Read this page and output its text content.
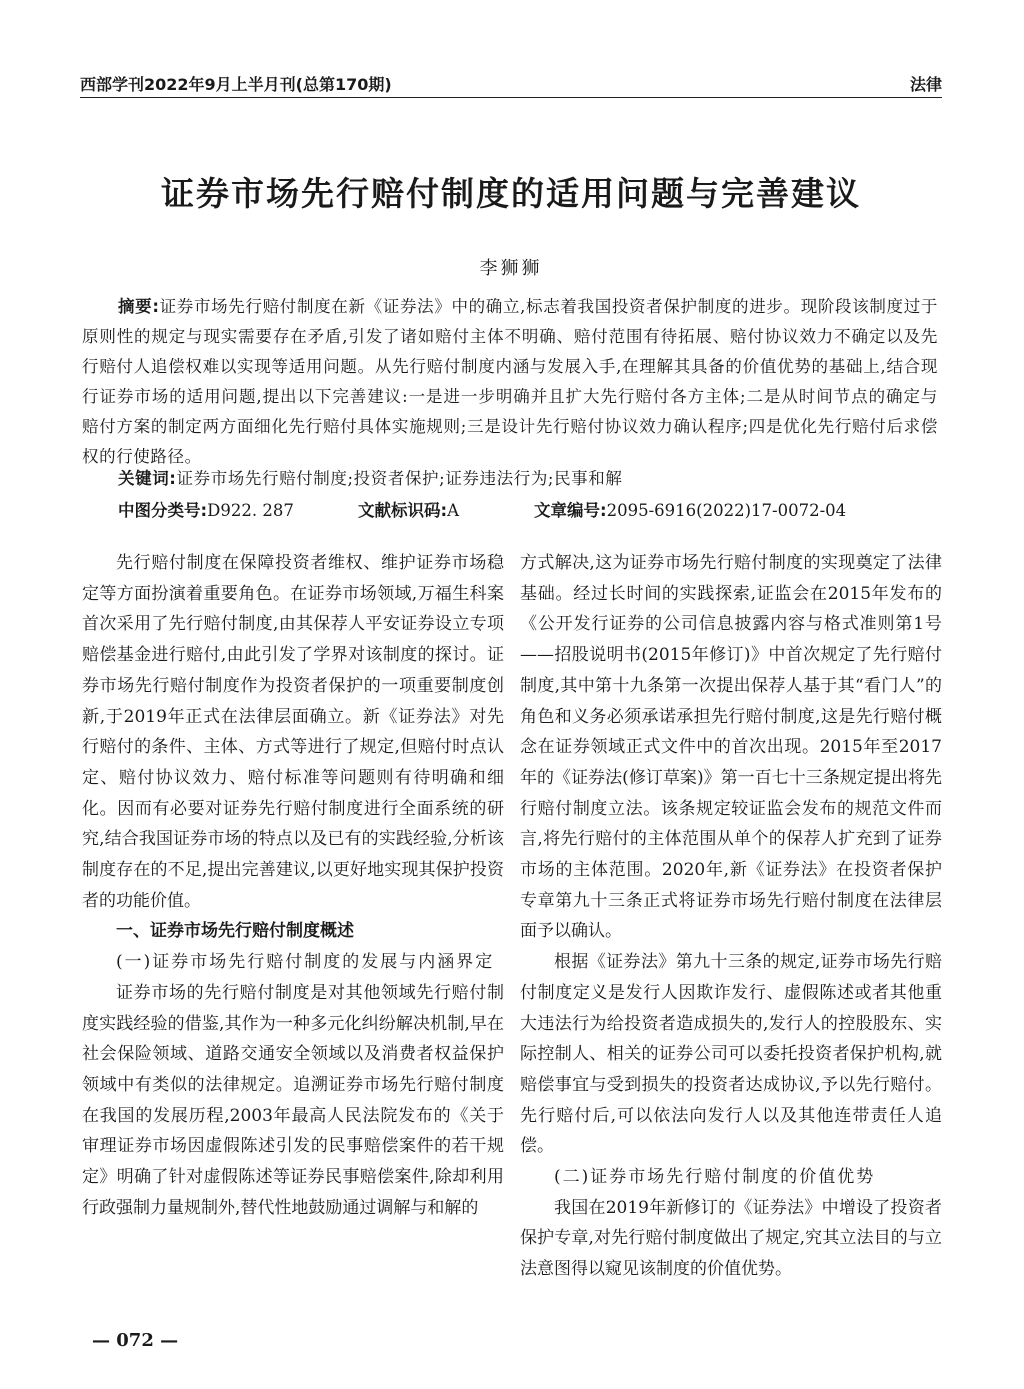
西部学刊2022年9月上半月刊(总第170期)	法律
证券市场先行赔付制度的适用问题与完善建议
李狮狮
摘要:证券市场先行赔付制度在新《证券法》中的确立,标志着我国投资者保护制度的进步。现阶段该制度过于原则性的规定与现实需要存在矛盾,引发了诸如赔付主体不明确、赔付范围有待拓展、赔付协议效力不确定以及先行赔付人追偿权难以实现等适用问题。从先行赔付制度内涵与发展入手,在理解其具备的价值优势的基础上,结合现行证券市场的适用问题,提出以下完善建议:一是进一步明确并且扩大先行赔付各方主体;二是从时间节点的确定与赔付方案的制定两方面细化先行赔付具体实施规则;三是设计先行赔付协议效力确认程序;四是优化先行赔付后求偿权的行使路径。
关键词:证券市场先行赔付制度;投资者保护;证券违法行为;民事和解
中图分类号:D922. 287	文献标识码:A	文章编号:2095-6916(2022)17-0072-04

先行赔付制度在保障投资者维权、维护证券市场稳定等方面扮演着重要角色。在证券市场领域,万福生科案首次采用了先行赔付制度,由其保荐人平安证券设立专项赔偿基金进行赔付,由此引发了学界对该制度的探讨。证券市场先行赔付制度作为投资者保护的一项重要制度创新,于2019年正式在法律层面确立。新《证券法》对先行赔付的条件、主体、方式等进行了规定,但赔付时点认定、赔付协议效力、赔付标准等问题则有待明确和细化。因而有必要对证券先行赔付制度进行全面系统的研究,结合我国证券市场的特点以及已有的实践经验,分析该制度存在的不足,提出完善建议,以更好地实现其保护投资者的功能价值。

一、证券市场先行赔付制度概述

(一)证券市场先行赔付制度的发展与内涵界定

证券市场的先行赔付制度是对其他领域先行赔付制度实践经验的借鉴,其作为一种多元化纠纷解决机制,早在社会保险领域、道路交通安全领域以及消费者权益保护领域中有类似的法律规定。追溯证券市场先行赔付制度在我国的发展历程,2003年最高人民法院发布的《关于审理证券市场因虚假陈述引发的民事赔偿案件的若干规定》明确了针对虚假陈述等证券民事赔偿案件,除却利用行政强制力量规制外,替代性地鼓励通过调解与和解的

方式解决,这为证券市场先行赔付制度的实现奠定了法律基础。经过长时间的实践探索,证监会在2015年发布的《公开发行证券的公司信息披露内容与格式准则第1号——招股说明书(2015年修订)》中首次规定了先行赔付制度,其中第十九条第一次提出保荐人基于其“看门人”的角色和义务必须承诺承担先行赔付制度,这是先行赔付概念在证券领域正式文件中的首次出现。2015年至2017年的《证券法(修订草案)》第一百七十三条规定提出将先行赔付制度立法。该条规定较证监会发布的规范文件而言,将先行赔付的主体范围从单个的保荐人扩充到了证券市场的主体范围。2020年,新《证券法》在投资者保护专章第九十三条正式将证券市场先行赔付制度在法律层面予以确认。

根据《证券法》第九十三条的规定,证券市场先行赔付制度定义是发行人因欺诈发行、虚假陈述或者其他重大违法行为给投资者造成损失的,发行人的控股股东、实际控制人、相关的证券公司可以委托投资者保护机构,就赔偿事宜与受到损失的投资者达成协议,予以先行赔付。先行赔付后,可以依法向发行人以及其他连带责任人追偿。

(二)证券市场先行赔付制度的价值优势

我国在2019年新修订的《证券法》中增设了投资者保护专章,对先行赔付制度做出了规定,究其立法目的与立法意图得以窥见该制度的价值优势。

— 072 —
